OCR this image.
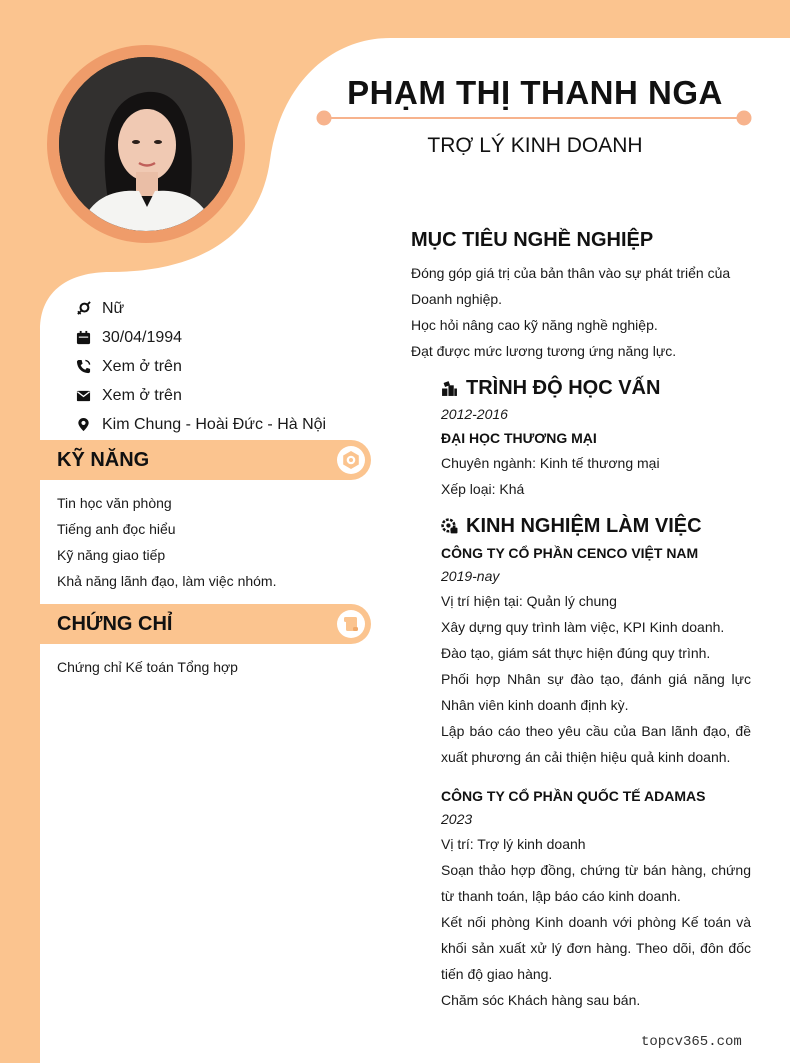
PHẠM THỊ THANH NGA

TRỢ LÝ KINH DOANH

Nữ
30/04/1994
Xem ở trên
Xem ở trên
Kim Chung - Hoài Đức - Hà Nội
KỸ NĂNG
Tin học văn phòng
Tiếng anh đọc hiểu
Kỹ năng giao tiếp
Khả năng lãnh đạo, làm việc nhóm.
CHỨNG CHỈ
Chứng chỉ Kế toán Tổng hợp
MỤC TIÊU NGHỀ NGHIỆP
Đóng góp giá trị của bản thân vào sự phát triển của
Doanh nghiệp.
Học hỏi nâng cao kỹ năng nghề nghiệp.
Đạt được mức lương tương ứng năng lực.
TRÌNH ĐỘ HỌC VẤN

2012-2016

ĐẠI HỌC THƯƠNG MẠI

Chuyên ngành: Kinh tế thương mại
Xếp loại: Khá
KINH NGHIỆM LÀM VIỆC

CÔNG TY CỔ PHẦN CENCO VIỆT NAM

2019-nay

Vị trí hiện tại: Quản lý chung
Xây dựng quy trình làm việc, KPI Kinh doanh.
Đào tạo, giám sát thực hiện đúng quy trình.
Phối hợp Nhân sự đào tạo, đánh giá năng lực Nhân viên kinh doanh định kỳ.
Lập báo cáo theo yêu cầu của Ban lãnh đạo, đề xuất phương án cải thiện hiệu quả kinh doanh.

CÔNG TY CỔ PHẦN QUỐC TẾ ADAMAS

2023

Vị trí: Trợ lý kinh doanh
Soạn thảo hợp đồng, chứng từ bán hàng, chứng từ thanh toán, lập báo cáo kinh doanh.
Kết nối phòng Kinh doanh với phòng Kế toán và khối sản xuất xử lý đơn hàng. Theo dõi, đôn đốc tiến độ giao hàng.
Chăm sóc Khách hàng sau bán.
topcv365.com
